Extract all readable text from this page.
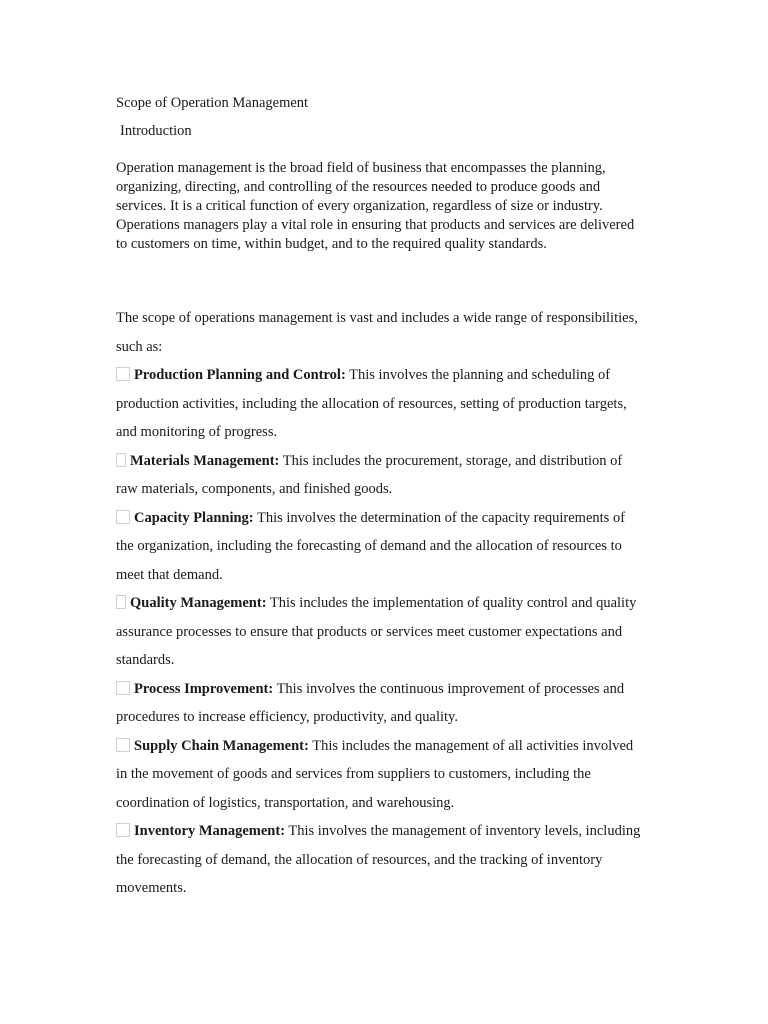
Scope of Operation Management

Introduction

Operation management is the broad field of business that encompasses the planning, organizing, directing, and controlling of the resources needed to produce goods and services. It is a critical function of every organization, regardless of size or industry. Operations managers play a vital role in ensuring that products and services are delivered to customers on time, within budget, and to the required quality standards.

The scope of operations management is vast and includes a wide range of responsibilities, such as:

Production Planning and Control: This involves the planning and scheduling of production activities, including the allocation of resources, setting of production targets, and monitoring of progress.
Materials Management: This includes the procurement, storage, and distribution of raw materials, components, and finished goods.
Capacity Planning: This involves the determination of the capacity requirements of the organization, including the forecasting of demand and the allocation of resources to meet that demand.
Quality Management: This includes the implementation of quality control and quality assurance processes to ensure that products or services meet customer expectations and standards.
Process Improvement: This involves the continuous improvement of processes and procedures to increase efficiency, productivity, and quality.
Supply Chain Management: This includes the management of all activities involved in the movement of goods and services from suppliers to customers, including the coordination of logistics, transportation, and warehousing.
Inventory Management: This involves the management of inventory levels, including the forecasting of demand, the allocation of resources, and the tracking of inventory movements.
